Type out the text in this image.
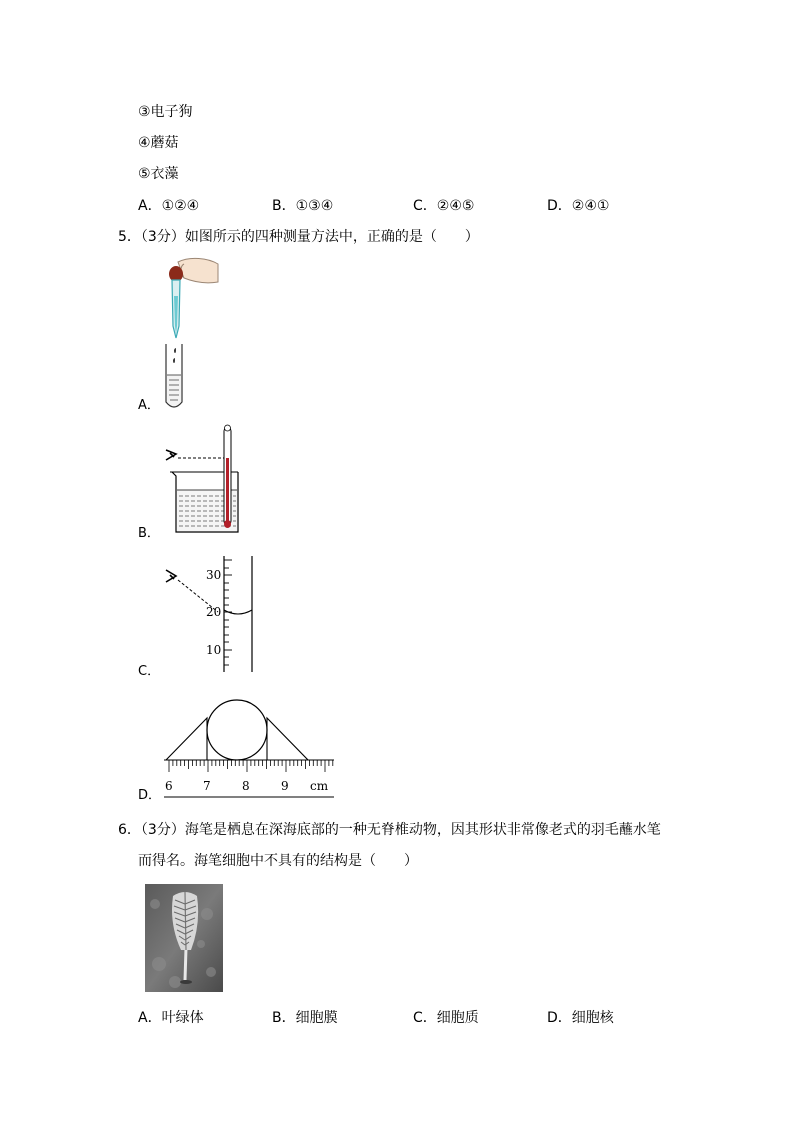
③电子狗
④蘑菇
⑤衣藻
A．①②④	B．①③④	C．②④⑤	D．②④①
5．（3分）如图所示的四种测量方法中，正确的是（　　）
A．
B．
30
20
10
C．
6	7	8	9 cm
D．
6．（3分）海笔是栖息在深海底部的一种无脊椎动物，因其形状非常像老式的羽毛蘸水笔
而得名。海笔细胞中不具有的结构是（　　）
A．叶绿体	B．细胞膜	C．细胞质	D．细胞核
